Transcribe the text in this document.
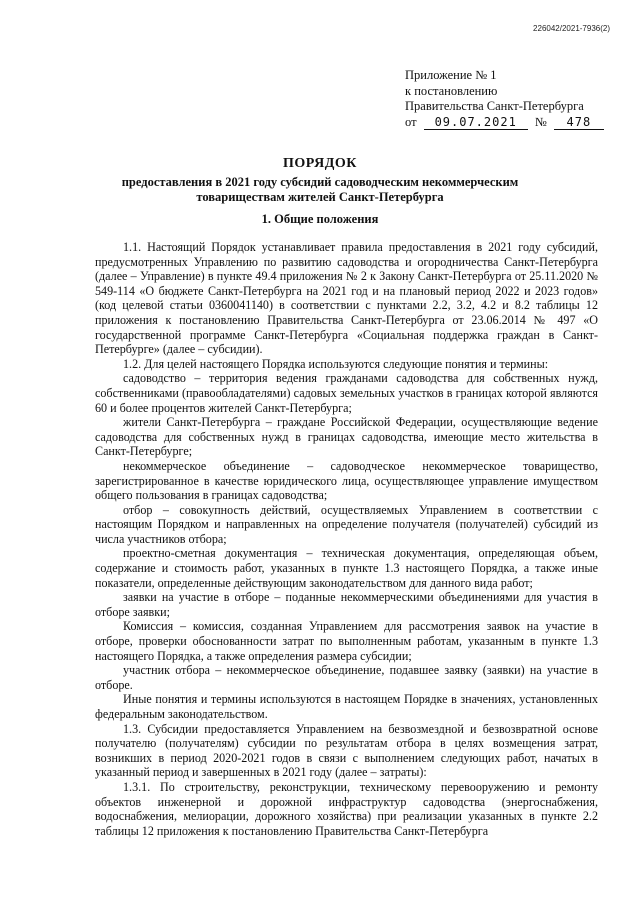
226042/2021-7936(2)
Приложение № 1
к постановлению
Правительства Санкт-Петербурга
от 09.07.2021 № 478
ПОРЯДОК
предоставления в 2021 году субсидий садоводческим некоммерческим
товариществам жителей Санкт-Петербурга
1. Общие положения

1.1. Настоящий Порядок устанавливает правила предоставления в 2021 году субсидий, предусмотренных Управлению по развитию садоводства и огородничества Санкт-Петербурга (далее – Управление) в пункте 49.4 приложения № 2 к Закону Санкт-Петербурга от 25.11.2020 № 549-114 «О бюджете Санкт-Петербурга на 2021 год и на плановый период 2022 и 2023 годов» (код целевой статьи 0360041140) в соответствии с пунктами 2.2, 3.2, 4.2 и 8.2 таблицы 12 приложения к постановлению Правительства Санкт-Петербурга от 23.06.2014 № 497 «О государственной программе Санкт-Петербурга «Социальная поддержка граждан в Санкт-Петербурге» (далее – субсидии).

1.2. Для целей настоящего Порядка используются следующие понятия и термины:

садоводство – территория ведения гражданами садоводства для собственных нужд, собственниками (правообладателями) садовых земельных участков в границах которой являются 60 и более процентов жителей Санкт-Петербурга;

жители Санкт-Петербурга – граждане Российской Федерации, осуществляющие ведение садоводства для собственных нужд в границах садоводства, имеющие место жительства в Санкт-Петербурге;

некоммерческое объединение – садоводческое некоммерческое товарищество, зарегистрированное в качестве юридического лица, осуществляющее управление имуществом общего пользования в границах садоводства;

отбор – совокупность действий, осуществляемых Управлением в соответствии с настоящим Порядком и направленных на определение получателя (получателей) субсидий из числа участников отбора;

проектно-сметная документация – техническая документация, определяющая объем, содержание и стоимость работ, указанных в пункте 1.3 настоящего Порядка, а также иные показатели, определенные действующим законодательством для данного вида работ;

заявки на участие в отборе – поданные некоммерческими объединениями для участия в отборе заявки;

Комиссия – комиссия, созданная Управлением для рассмотрения заявок на участие в отборе, проверки обоснованности затрат по выполненным работам, указанным в пункте 1.3 настоящего Порядка, а также определения размера субсидии;

участник отбора – некоммерческое объединение, подавшее заявку (заявки) на участие в отборе.

Иные понятия и термины используются в настоящем Порядке в значениях, установленных федеральным законодательством.

1.3. Субсидии предоставляется Управлением на безвозмездной и безвозвратной основе получателю (получателям) субсидии по результатам отбора в целях возмещения затрат, возникших в период 2020-2021 годов в связи с выполнением следующих работ, начатых в указанный период и завершенных в 2021 году (далее – затраты):

1.3.1. По строительству, реконструкции, техническому перевооружению и ремонту объектов инженерной и дорожной инфраструктур садоводства (энергоснабжения, водоснабжения, мелиорации, дорожного хозяйства) при реализации указанных в пункте 2.2 таблицы 12 приложения к постановлению Правительства Санкт-Петербурга
